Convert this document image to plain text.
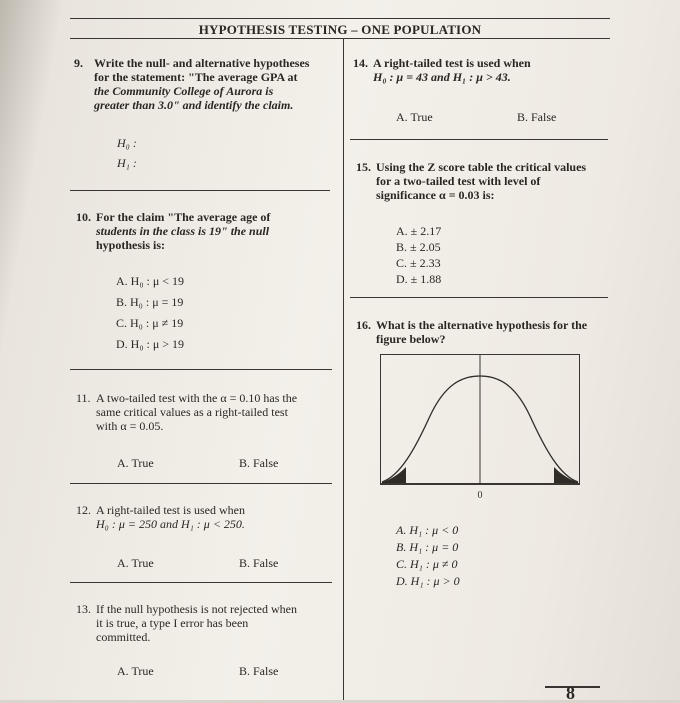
HYPOTHESIS TESTING – ONE POPULATION
9. Write the null- and alternative hypotheses
for the statement: "The average GPA at
the Community College of Aurora is
greater than 3.0" and identify the claim.
H₀ :
H₁ :
10. For the claim "The average age of
students in the class is 19" the null
hypothesis is:
A. H₀ : μ < 19
B. H₀ : μ = 19
C. H₀ : μ ≠ 19
D. H₀ : μ > 19
11. A two-tailed test with the α = 0.10 has the
same critical values as a right-tailed test
with α = 0.05.
A. True	B. False
12. A right-tailed test is used when
H₀ : μ = 250 and H₁ : μ < 250.
A. True	B. False
13. If the null hypothesis is not rejected when
it is true, a type I error has been
committed.
A. True	B. False
14. A right-tailed test is used when
H₀ : μ = 43 and H₁ : μ > 43.
A. True	B. False
15. Using the Z score table the critical values
for a two-tailed test with level of
significance α = 0.03 is:
A. ± 2.17
B. ± 2.05
C. ± 2.33
D. ± 1.88
16. What is the alternative hypothesis for the
figure below?
0
A. H₁ : μ < 0
B. H₁ : μ = 0
C. H₁ : μ ≠ 0
D. H₁ : μ > 0
8
